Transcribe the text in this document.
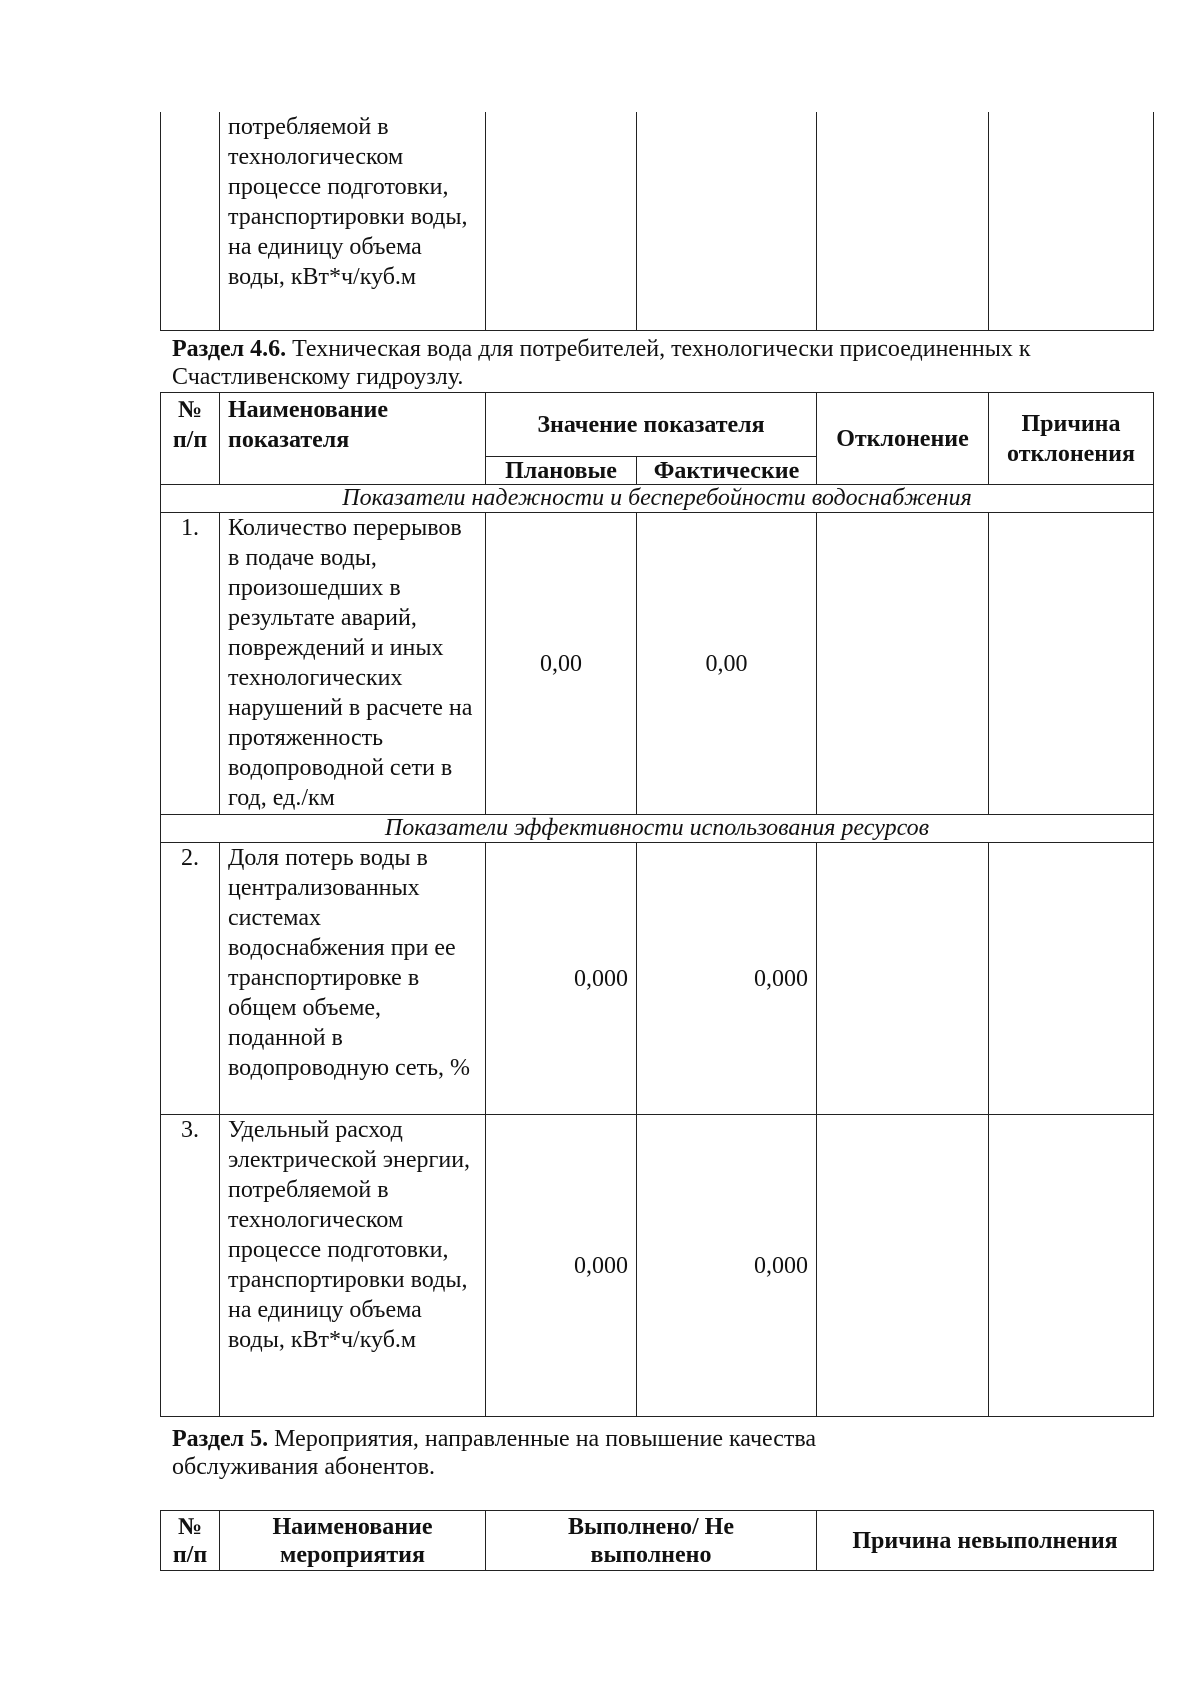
	потребляемой в технологическом процессе подготовки, транспортировки воды, на единицу объема воды, кВт*ч/куб.м				
Раздел 4.6. Техническая вода для потребителей, технологически присоединенных к Счастливенскому гидроузлу.
№ п/п	Наименование показателя	Значение показателя		Отклонение	Причина отклонения
		Плановые	Фактические		
Показатели надежности и бесперебойности водоснабжения					
1.	Количество перерывов в подаче воды, произошедших в результате аварий, повреждений и иных технологических нарушений в расчете на протяженность водопроводной сети в год, ед./км	0,00	0,00		
Показатели эффективности использования ресурсов					
2.	Доля потерь воды в централизованных системах водоснабжения при ее транспортировке в общем объеме, поданной в водопроводную сеть, %	0,000	0,000		
3.	Удельный расход электрической энергии, потребляемой в технологическом процессе подготовки, транспортировки воды, на единицу объема воды, кВт*ч/куб.м	0,000	0,000		
Раздел 5. Мероприятия, направленные на повышение качества обслуживания абонентов.
№ п/п	Наименование мероприятия	Выполнено/ Не выполнено	Причина невыполнения
